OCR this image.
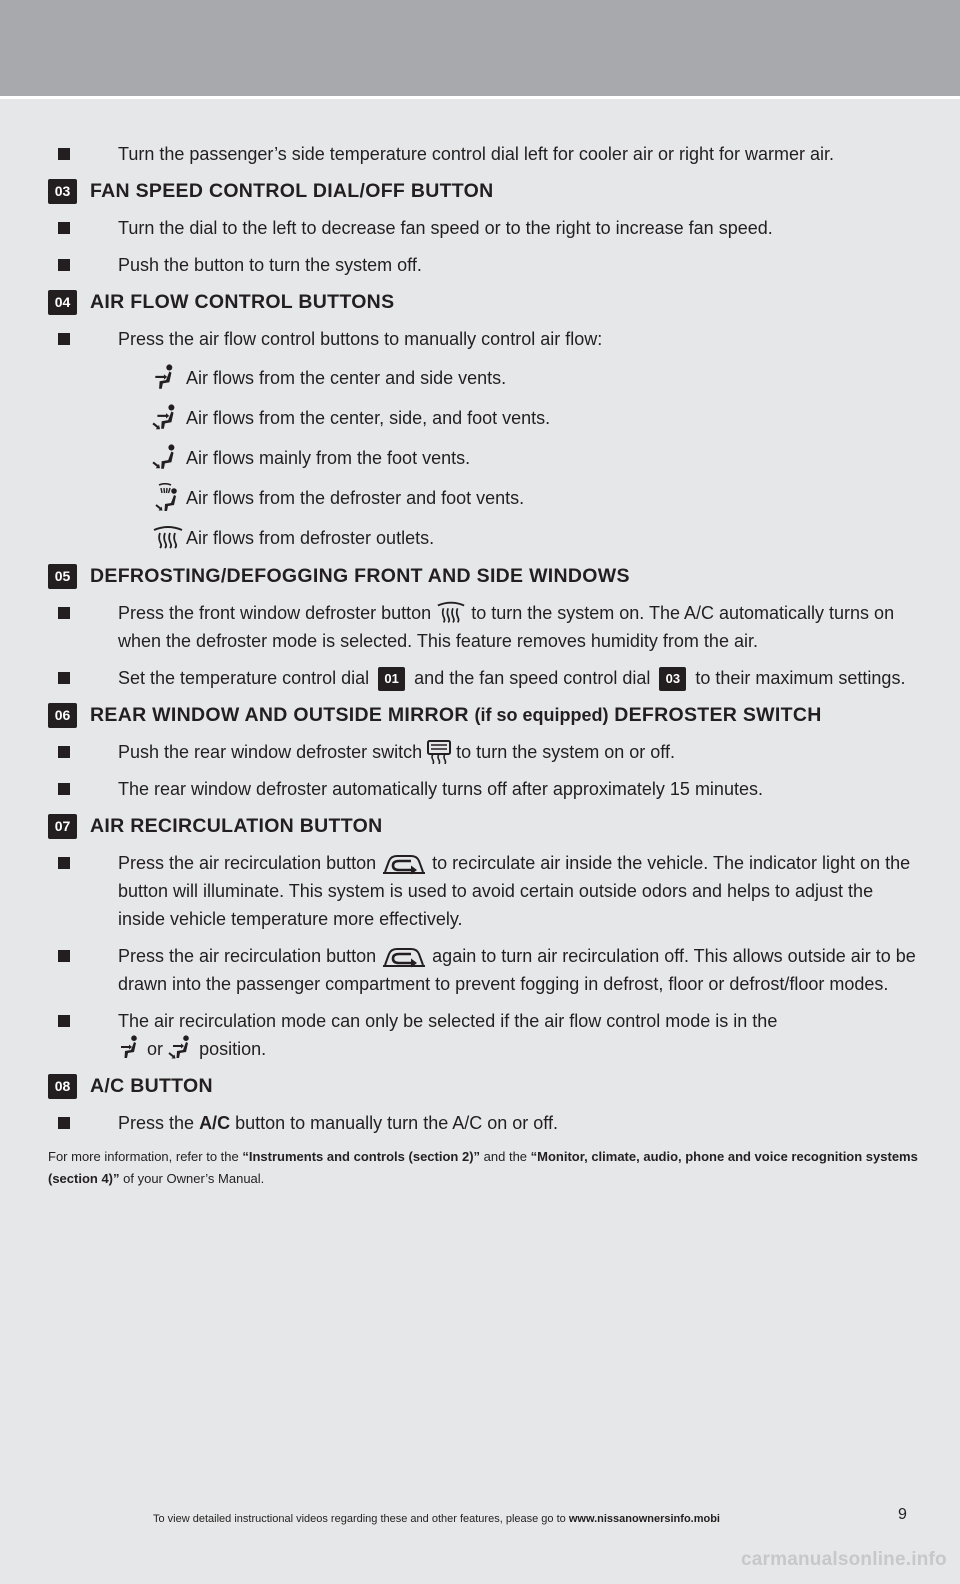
Turn the passenger’s side temperature control dial left for cooler air or right for warmer air.
03	FAN SPEED CONTROL DIAL/OFF BUTTON
Turn the dial to the left to decrease fan speed or to the right to increase fan speed.
Push the button to turn the system off.
04	AIR FLOW CONTROL BUTTONS
Press the air flow control buttons to manually control air flow:
Air flows from the center and side vents.
Air flows from the center, side, and foot vents.
Air flows mainly from the foot vents.
Air flows from the defroster and foot vents.
Air flows from defroster outlets.
05	DEFROSTING/DEFOGGING FRONT AND SIDE WINDOWS
Press the front window defroster button to turn the system on. The A/C automatically turns on when the defroster mode is selected. This feature removes humidity from the air.
Set the temperature control dial 01 and the fan speed control dial 03 to their maximum settings.
06	REAR WINDOW AND OUTSIDE MIRROR (if so equipped) DEFROSTER SWITCH
Push the rear window defroster switch to turn the system on or off.
The rear window defroster automatically turns off after approximately 15 minutes.
07	AIR RECIRCULATION BUTTON
Press the air recirculation button	to recirculate air inside the vehicle. The indicator light on the button will illuminate. This system is used to avoid certain outside odors and helps to adjust the inside vehicle temperature more effectively.
Press the air recirculation button	again to turn air recirculation off. This allows outside air to be drawn into the passenger compartment to prevent fogging in defrost, floor or defrost/floor modes.
The air recirculation mode can only be selected if the air flow control mode is in the
or position.
08	A/C BUTTON
Press the A/C button to manually turn the A/C on or off.
For more information, refer to the “Instruments and controls (section 2)” and the “Monitor, climate, audio, phone and voice recognition systems (section 4)” of your Owner’s Manual.
To view detailed instructional videos regarding these and other features, please go to www.nissanownersinfo.mobi	9
carmanualsonline.info
